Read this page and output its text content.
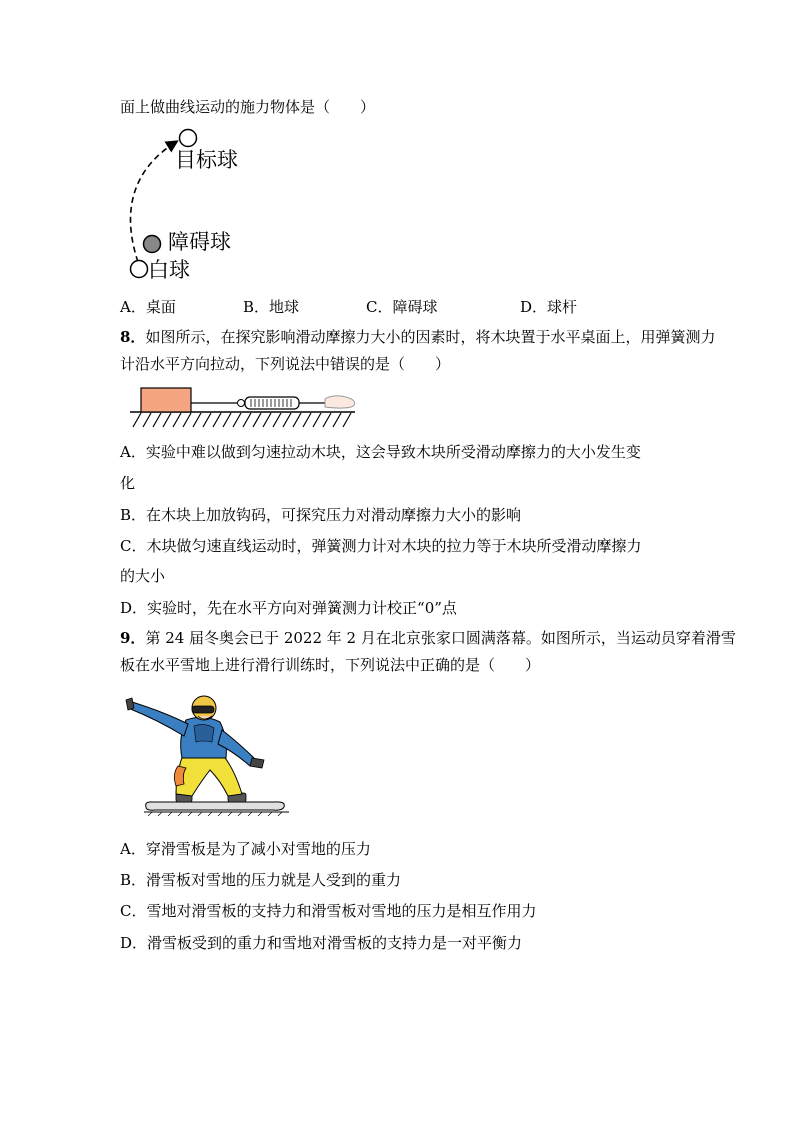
面上做曲线运动的施力物体是（　　）
目标球
障碍球
白球
A．桌面	B．地球	C．障碍球	D．球杆
8．如图所示，在探究影响滑动摩擦力大小的因素时，将木块置于水平桌面上，用弹簧测力
计沿水平方向拉动，下列说法中错误的是（　　）
A．实验中难以做到匀速拉动木块，这会导致木块所受滑动摩擦力的大小发生变
化
B．在木块上加放钩码，可探究压力对滑动摩擦力大小的影响
C．木块做匀速直线运动时，弹簧测力计对木块的拉力等于木块所受滑动摩擦力
的大小
D．实验时，先在水平方向对弹簧测力计校正“0”点
9．第 24 届冬奥会已于 2022 年 2 月在北京张家口圆满落幕。如图所示，当运动员穿着滑雪
板在水平雪地上进行滑行训练时，下列说法中正确的是（　　）
A．穿滑雪板是为了减小对雪地的压力
B．滑雪板对雪地的压力就是人受到的重力
C．雪地对滑雪板的支持力和滑雪板对雪地的压力是相互作用力
D．滑雪板受到的重力和雪地对滑雪板的支持力是一对平衡力
